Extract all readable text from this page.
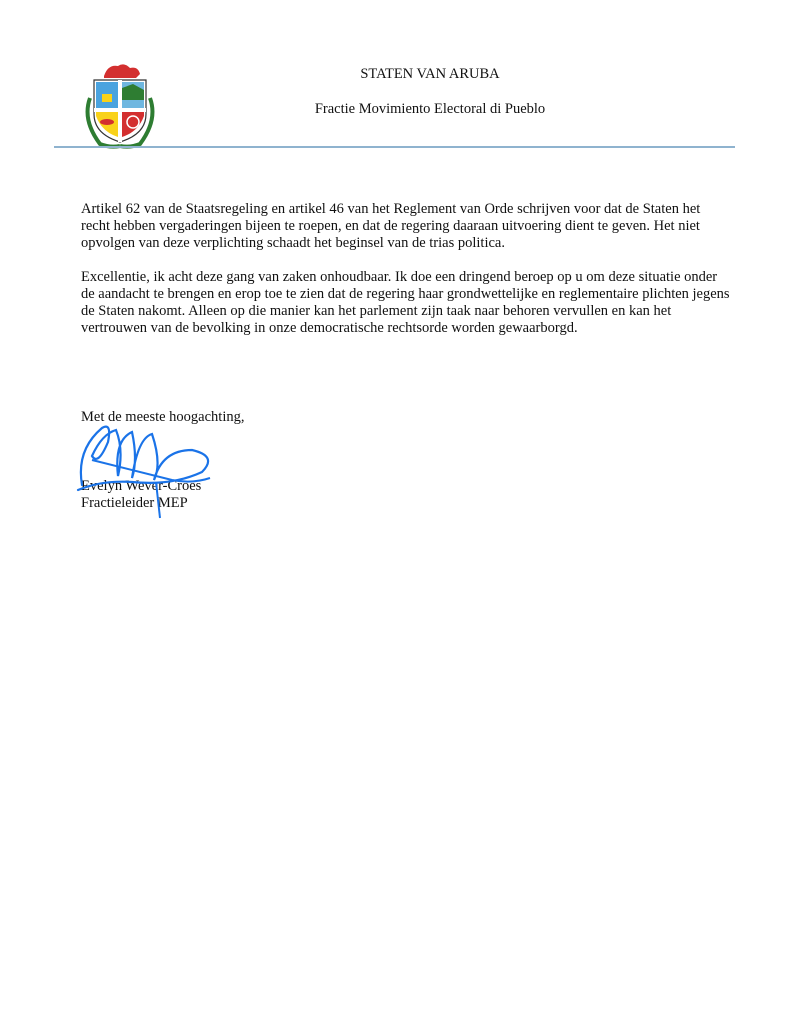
STATEN VAN ARUBA
Fractie Movimiento Electoral di Pueblo

Artikel 62 van de Staatsregeling en artikel 46 van het Reglement van Orde schrijven voor dat de Staten het recht hebben vergaderingen bijeen te roepen, en dat de regering daaraan uitvoering dient te geven. Het niet opvolgen van deze verplichting schaadt het beginsel van de trias politica.

Excellentie, ik acht deze gang van zaken onhoudbaar. Ik doe een dringend beroep op u om deze situatie onder de aandacht te brengen en erop toe te zien dat de regering haar grondwettelijke en reglementaire plichten jegens de Staten nakomt. Alleen op die manier kan het parlement zijn taak naar behoren vervullen en kan het vertrouwen van de bevolking in onze democratische rechtsorde worden gewaarborgd.

Met de meeste hoogachting,
Evelyn Wever-Croes
Fractieleider MEP
